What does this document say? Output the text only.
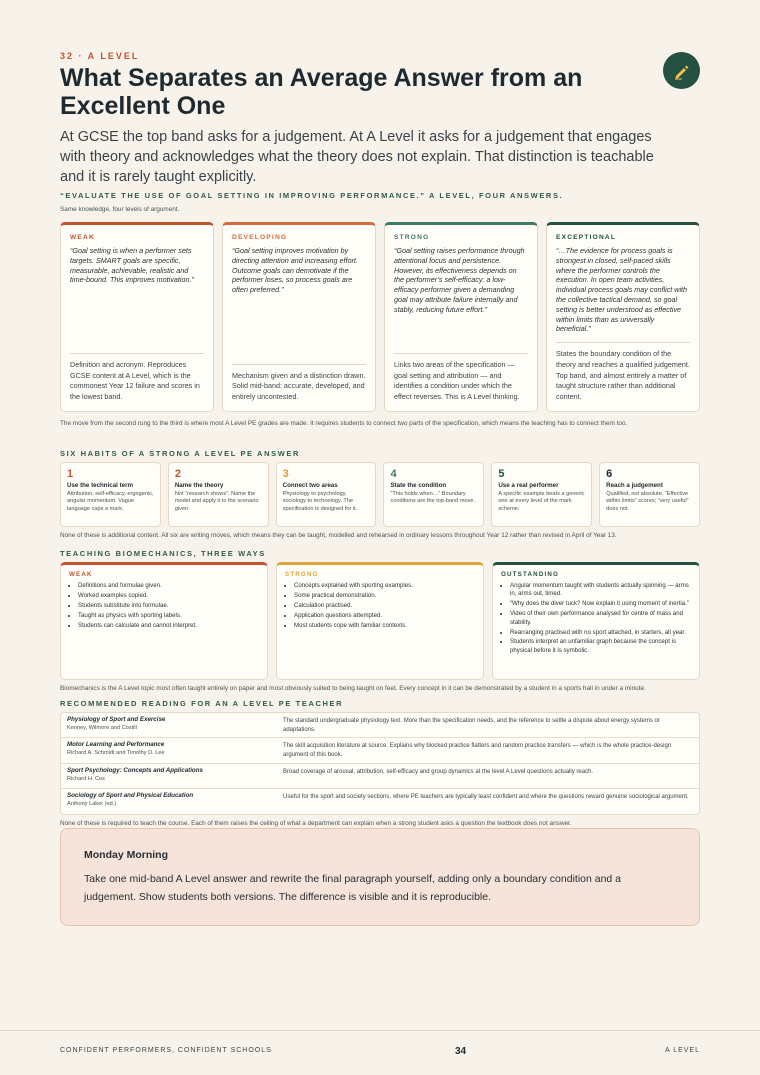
32 · A LEVEL
What Separates an Average Answer from an Excellent One

At GCSE the top band asks for a judgement. At A Level it asks for a judgement that engages with theory and acknowledges what the theory does not explain. That distinction is teachable and it is rarely taught explicitly.

“EVALUATE THE USE OF GOAL SETTING IN IMPROVING PERFORMANCE.” A LEVEL, FOUR ANSWERS.
Same knowledge, four levels of argument.
WEAK
“Goal setting is when a performer sets targets. SMART goals are specific, measurable, achievable, realistic and time-bound. This improves motivation.”
Definition and acronym. Reproduces GCSE content at A Level, which is the commonest Year 12 failure and scores in the lowest band.
DEVELOPING
“Goal setting improves motivation by directing attention and increasing effort. Outcome goals can demotivate if the performer loses, so process goals are often preferred.”
Mechanism given and a distinction drawn. Solid mid-band: accurate, developed, and entirely uncontested.
STRONG
“Goal setting raises performance through attentional focus and persistence. However, its effectiveness depends on the performer’s self-efficacy: a low-efficacy performer given a demanding goal may attribute failure internally and stably, reducing future effort.”
Links two areas of the specification — goal setting and attribution — and identifies a condition under which the effect reverses. This is A Level thinking.
EXCEPTIONAL
“…The evidence for process goals is strongest in closed, self-paced skills where the performer controls the execution. In open team activities, individual process goals may conflict with the collective tactical demand, so goal setting is better understood as effective within limits than as universally beneficial.”
States the boundary condition of the theory and reaches a qualified judgement. Top band, and almost entirely a matter of taught structure rather than additional content.
The move from the second rung to the third is where most A Level PE grades are made. It requires students to connect two parts of the specification, which means the teaching has to connect them too.
SIX HABITS OF A STRONG A LEVEL PE ANSWER
1
Use the technical term
Attribution, self-efficacy, ergogenic, angular momentum. Vague language caps a mark.
2
Name the theory
Not “research shows”. Name the model and apply it to the scenario given.
3
Connect two areas
Physiology to psychology, sociology to technology. The specification is designed for it.
4
State the condition
“This holds when…” Boundary conditions are the top-band move.
5
Use a real performer
A specific example beats a generic one at every level of the mark scheme.
6
Reach a judgement
Qualified, not absolute. “Effective within limits” scores; “very useful” does not.
None of these is additional content. All six are writing moves, which means they can be taught, modelled and rehearsed in ordinary lessons throughout Year 12 rather than revised in April of Year 13.
TEACHING BIOMECHANICS, THREE WAYS
WEAK
• Definitions and formulae given.
• Worked examples copied.
• Students substitute into formulae.
• Taught as physics with sporting labels.
• Students can calculate and cannot interpret.
STRONG
• Concepts explained with sporting examples.
• Some practical demonstration.
• Calculation practised.
• Application questions attempted.
• Most students cope with familiar contexts.
OUTSTANDING
• Angular momentum taught with students actually spinning — arms in, arms out, timed.
• “Why does the diver tuck? Now explain it using moment of inertia.”
• Video of their own performance analysed for centre of mass and stability.
• Rearranging practised with no sport attached, in starters, all year.
• Students interpret an unfamiliar graph because the concept is physical before it is symbolic.
Biomechanics is the A Level topic most often taught entirely on paper and most obviously suited to being taught on feet. Every concept in it can be demonstrated by a student in a sports hall in under a minute.
RECOMMENDED READING FOR AN A LEVEL PE TEACHER
Physiology of Sport and Exercise
Kenney, Wilmore and Costill
The standard undergraduate physiology text. More than the specification needs, and the reference to settle a dispute about energy systems or adaptations.
Motor Learning and Performance
Richard A. Schmidt and Timothy D. Lee
The skill acquisition literature at source. Explains why blocked practice flatters and random practice transfers — which is the whole practice-design argument of this book.
Sport Psychology: Concepts and Applications
Richard H. Cox
Broad coverage of arousal, attribution, self-efficacy and group dynamics at the level A Level questions actually reach.
Sociology of Sport and Physical Education
Anthony Laker (ed.)
Useful for the sport and society sections, where PE teachers are typically least confident and where the questions reward genuine sociological argument.
None of these is required to teach the course. Each of them raises the ceiling of what a department can explain when a strong student asks a question the textbook does not answer.
Monday Morning
Take one mid-band A Level answer and rewrite the final paragraph yourself, adding only a boundary condition and a judgement. Show students both versions. The difference is visible and it is reproducible.
CONFIDENT PERFORMERS, CONFIDENT SCHOOLS	34	A LEVEL
